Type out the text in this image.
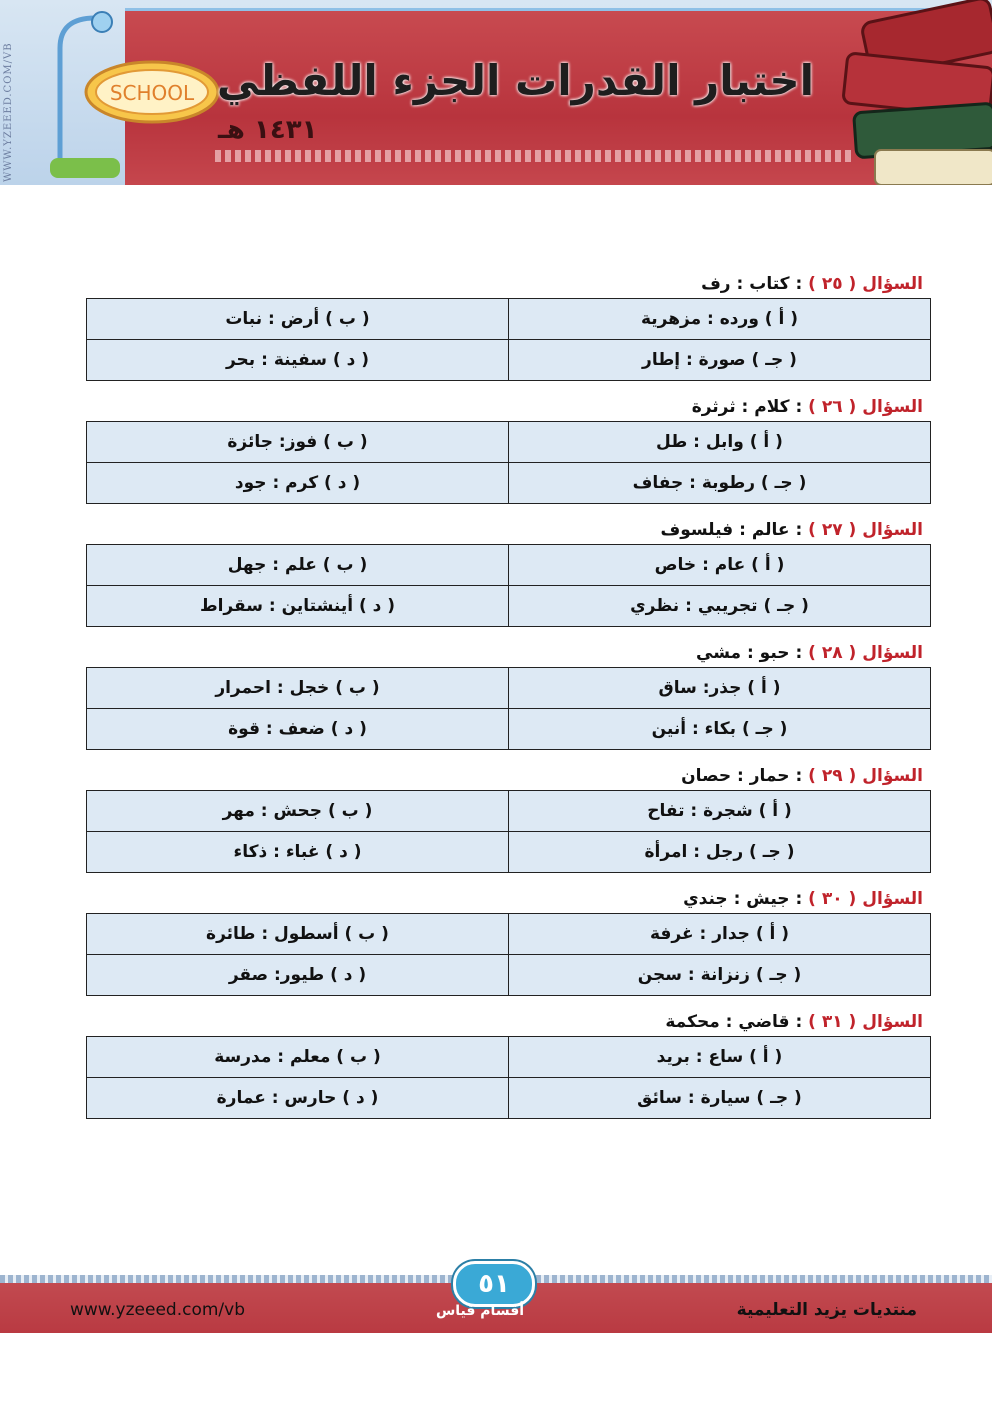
WWW.YZEEED.COM/VB	SCHOOL اختبار القدرات الجزء اللفظي
١٤٣١ هـ
السؤال ( ٢٥ ) : كتاب : رف
( أ ) ورده : مزهرية	( ب ) أرض : نبات
( جـ ) صورة : إطار	( د ) سفينة : بحر
السؤال ( ٢٦ ) : كلام : ثرثرة
( أ ) وابل : طل	( ب ) فوز: جائزة
( جـ ) رطوبة : جفاف	( د ) كرم : جود
السؤال ( ٢٧ ) : عالم : فيلسوف
( أ ) عام : خاص	( ب ) علم : جهل
( جـ ) تجريبي : نظري	( د ) أينشتاين : سقراط
السؤال ( ٢٨ ) : حبو : مشي
( أ ) جذر: ساق	( ب ) خجل : احمرار
( جـ ) بكاء : أنين	( د ) ضعف : قوة
السؤال ( ٢٩ ) : حمار : حصان
( أ ) شجرة : تفاح	( ب ) جحش : مهر
( جـ ) رجل : امرأة	( د ) غباء : ذكاء
السؤال ( ٣٠ ) : جيش : جندي
( أ ) جدار : غرفة	( ب ) أسطول : طائرة
( جـ ) زنزانة : سجن	( د ) طيور: صقر
السؤال ( ٣١ ) : قاضي : محكمة
( أ ) ساع : بريد	( ب ) معلم : مدرسة
( جـ ) سيارة : سائق	( د ) حارس : عمارة
٥١
www.yzeeed.com/vb	أقسام قياس	منتديات يزيد التعليمية
